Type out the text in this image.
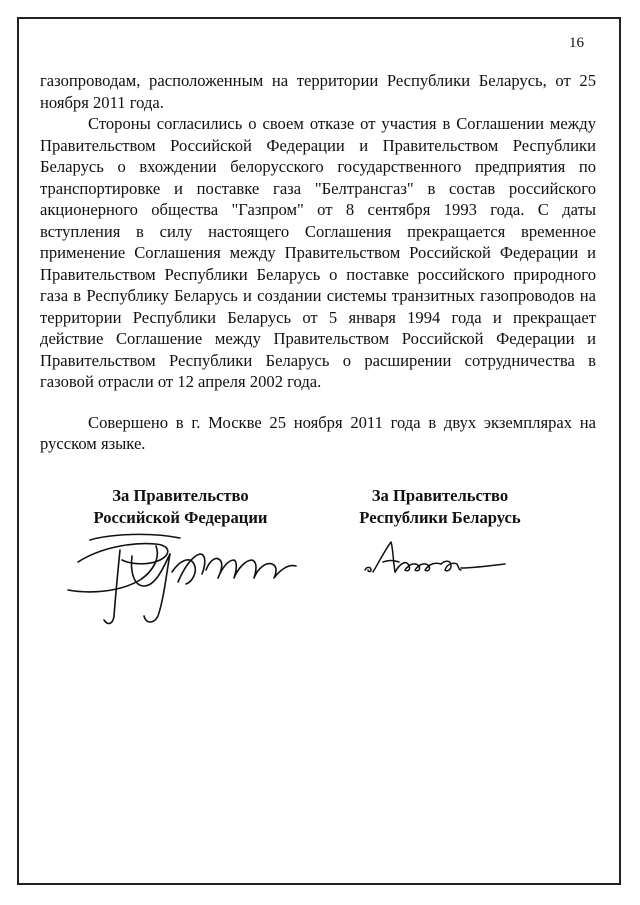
16

газопроводам, расположенным на территории Республики Беларусь, от 25 ноября 2011 года.

Стороны согласились о своем отказе от участия в Соглашении между Правительством Российской Федерации и Правительством Республики Беларусь о вхождении белорусского государственного предприятия по транспортировке и поставке газа "Белтрансгаз" в состав российского акционерного общества "Газпром" от 8 сентября 1993 года. С даты вступления в силу настоящего Соглашения прекращается временное применение Соглашения между Правительством Российской Федерации и Правительством Республики Беларусь о поставке российского природного газа в Республику Беларусь и создании системы транзитных газопроводов на территории Республики Беларусь от 5 января 1994 года и прекращает действие Соглашение между Правительством Российской Федерации и Правительством Республики Беларусь о расширении сотрудничества в газовой отрасли от 12 апреля 2002 года.

Совершено в г. Москве 25 ноября 2011 года в двух экземплярах на русском языке.

За Правительство
Российской Федерации
За Правительство
Республики Беларусь
